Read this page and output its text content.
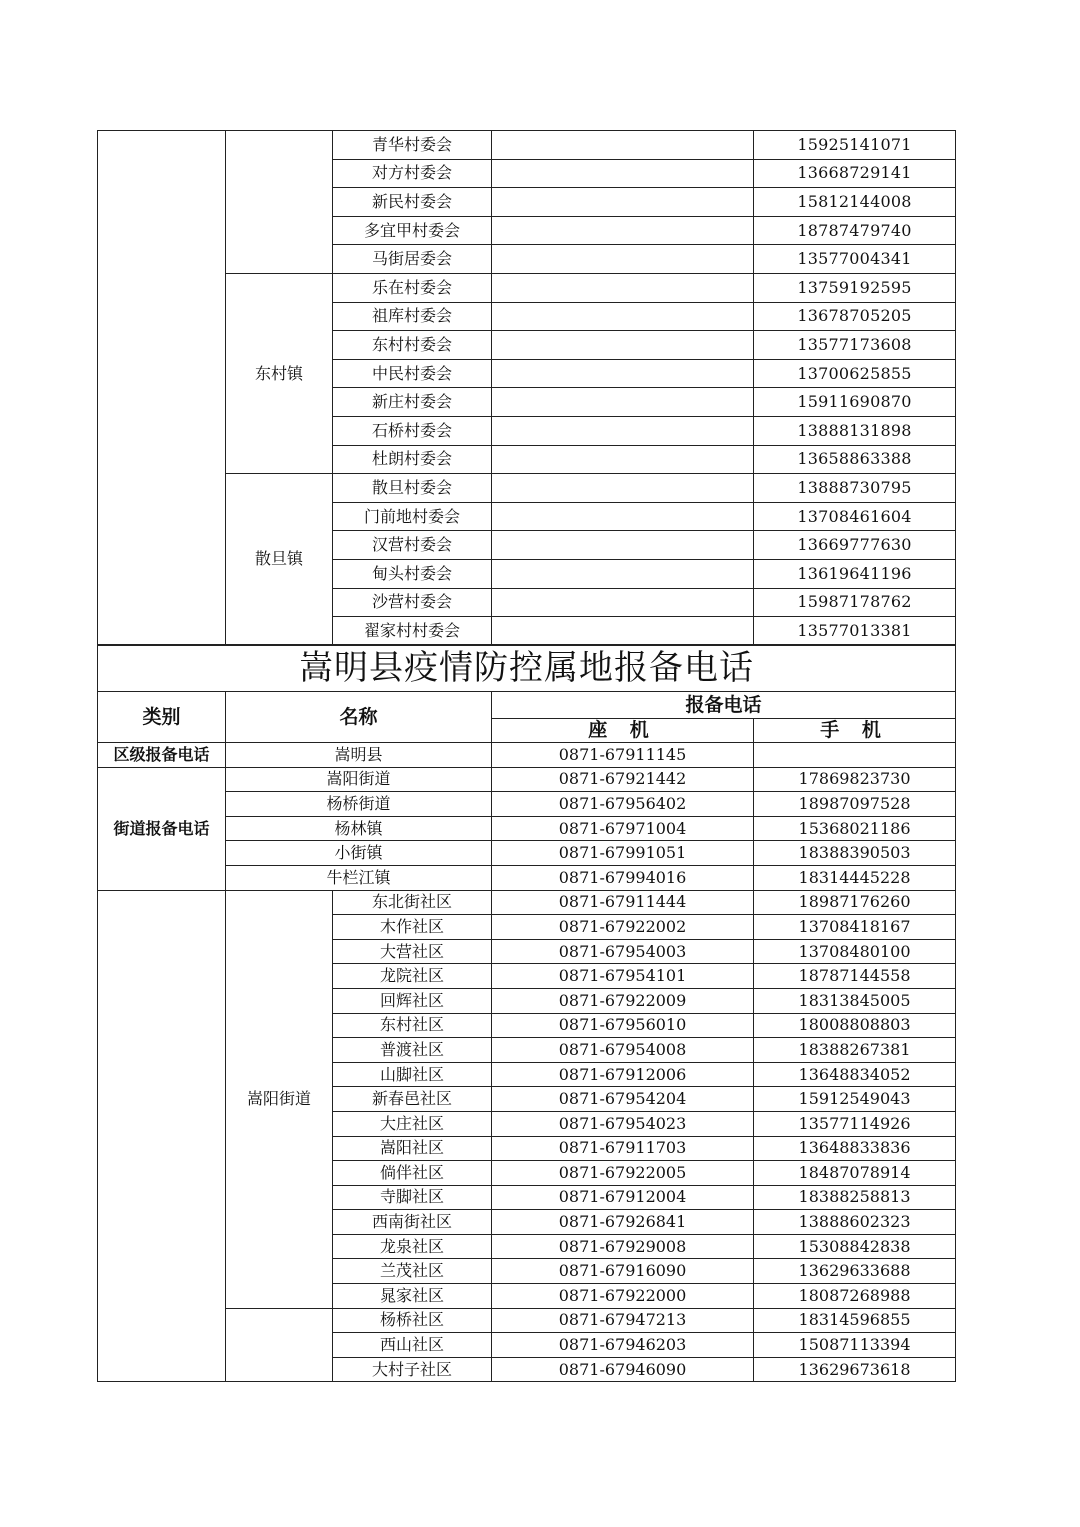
		青华村委会		15925141071
		对方村委会		13668729141
		新民村委会		15812144008
		多宜甲村委会		18787479740
		马街居委会		13577004341
	东村镇	乐在村委会		13759192595
		祖库村委会		13678705205
		东村村委会		13577173608
		中民村委会		13700625855
		新庄村委会		15911690870
		石桥村委会		13888131898
		杜朗村委会		13658863388
	散旦镇	散旦村委会		13888730795
		门前地村委会		13708461604
		汉营村委会		13669777630
		甸头村委会		13619641196
		沙营村委会		15987178762
		翟家村村委会		13577013381
嵩明县疫情防控属地报备电话				
类别	名称		报备电话	
			座 机	手 机
区级报备电话	嵩明县		0871-67911145	
街道报备电话	嵩阳街道		0871-67921442	17869823730
	杨桥街道		0871-67956402	18987097528
	杨林镇		0871-67971004	15368021186
	小街镇		0871-67991051	18388390503
	牛栏江镇		0871-67994016	18314445228
	嵩阳街道	东北街社区	0871-67911444	18987176260
		木作社区	0871-67922002	13708418167
		大营社区	0871-67954003	13708480100
		龙院社区	0871-67954101	18787144558
		回辉社区	0871-67922009	18313845005
		东村社区	0871-67956010	18008808803
		普渡社区	0871-67954008	18388267381
		山脚社区	0871-67912006	13648834052
		新春邑社区	0871-67954204	15912549043
		大庄社区	0871-67954023	13577114926
		嵩阳社区	0871-67911703	13648833836
		倘伴社区	0871-67922005	18487078914
		寺脚社区	0871-67912004	18388258813
		西南街社区	0871-67926841	13888602323
		龙泉社区	0871-67929008	15308842838
		兰茂社区	0871-67916090	13629633688
		晁家社区	0871-67922000	18087268988
		杨桥社区	0871-67947213	18314596855
		西山社区	0871-67946203	15087113394
		大村子社区	0871-67946090	13629673618
